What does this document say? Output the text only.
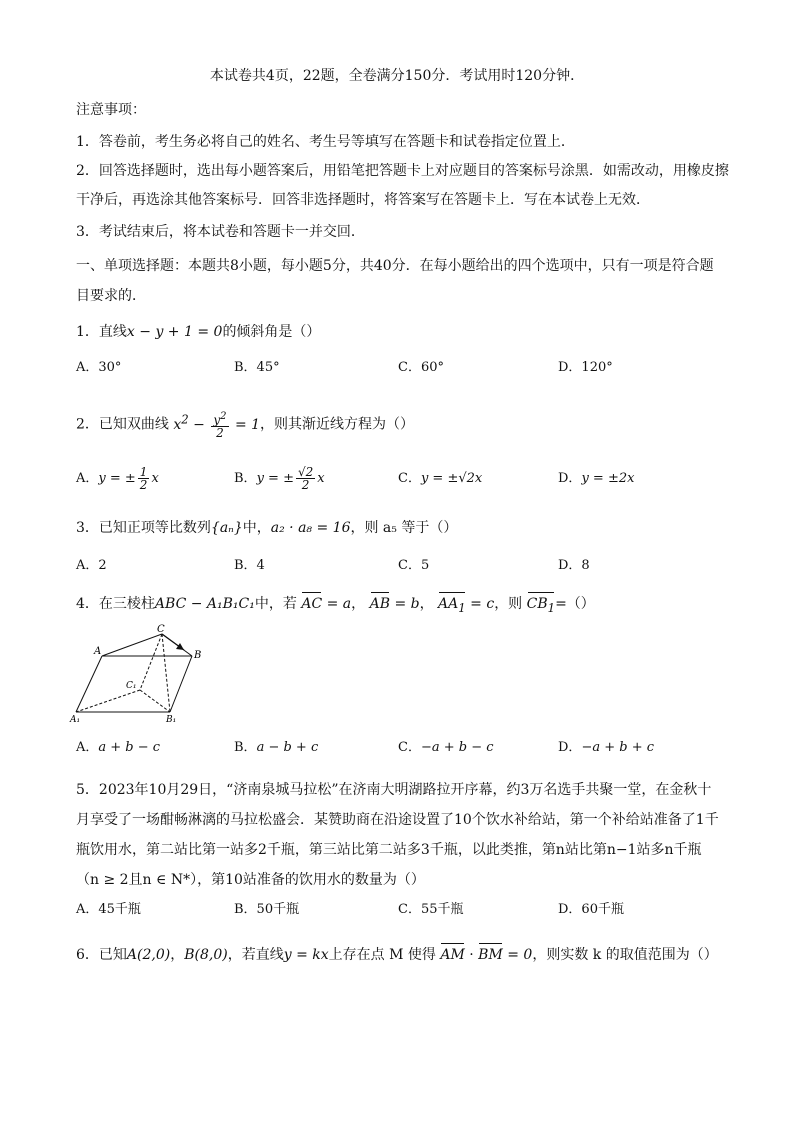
本试卷共4页，22题，全卷满分150分．考试用时120分钟．
注意事项：
1．答卷前，考生务必将自己的姓名、考生号等填写在答题卡和试卷指定位置上．
2．回答选择题时，选出每小题答案后，用铅笔把答题卡上对应题目的答案标号涂黑．如需改动，用橡皮擦
干净后，再选涂其他答案标号．回答非选择题时，将答案写在答题卡上．写在本试卷上无效．
3．考试结束后，将本试卷和答题卡一并交回．
一、单项选择题：本题共8小题，每小题5分，共40分．在每小题给出的四个选项中，只有一项是符合题
目要求的．
1．直线x − y + 1 = 0的倾斜角是（）
A．30°	B．45°	C．60°	D．120°
2．已知双曲线 $x^2 - \frac{y^2}{2} = 1$，则其渐近线方程为（）
A．y = ± $\frac{1}{2}$ x	B．y = ± $\frac{√2}{2}$ x	C．y = ±√2x	D．y = ±2x
3．已知正项等比数列{aₙ}中，a₂ · a₈ = 16，则 a₅ 等于（）
A．2	B．4	C．5	D．8
4．在三棱柱ABC − A₁B₁C₁中，若 AC = a， AB = b， $AA_1 = c$，则 $CB_1=()$
C
A	B
C₁
A₁	B₁
A．a + b − c	B．a − b + c	C．−a + b − c	D．−a + b + c
5．2023年10月29日，“济南泉城马拉松”在济南大明湖路拉开序幕，约3万名选手共聚一堂，在金秋十
月享受了一场酣畅淋漓的马拉松盛会．某赞助商在沿途设置了10个饮水补给站，第一个补给站准备了1千
瓶饮用水，第二站比第一站多2千瓶，第三站比第二站多3千瓶，以此类推，第n站比第n−1站多n千瓶
（n ≥ 2且n ∈ N*），第10站准备的饮用水的数量为（）
A．45千瓶	B．50千瓶	C．55千瓶	D．60千瓶
6．已知A(2,0)，B(8,0)，若直线y = kx上存在点 M 使得 AM · BM = 0，则实数 k 的取值范围为（）
